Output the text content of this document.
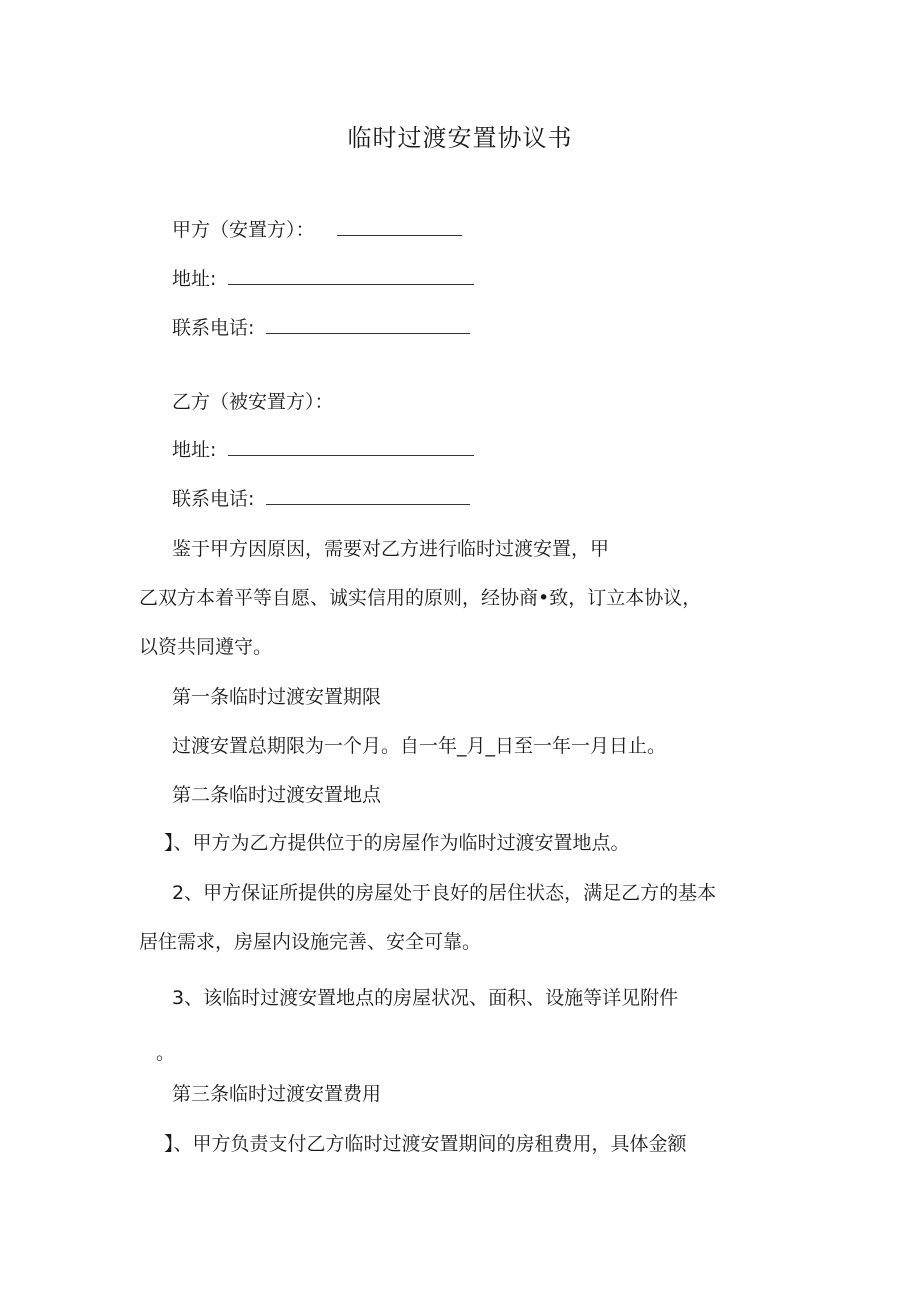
临时过渡安置协议书
甲方（安置方）：
地址:
联系电话:
乙方（被安置方）：
地址:
联系电话:
鉴于甲方因原因，需要对乙方进行临时过渡安置，甲
乙双方本着平等自愿、诚实信用的原则，经协商•致，订立本协议，
以资共同遵守。
第一条临时过渡安置期限
过渡安置总期限为一个月。自一年_月_日至一年一月日止。
第二条临时过渡安置地点
】、甲方为乙方提供位于的房屋作为临时过渡安置地点。
2、甲方保证所提供的房屋处于良好的居住状态，满足乙方的基本
居住需求，房屋内设施完善、安全可靠。
3、该临时过渡安置地点的房屋状况、面积、设施等详见附件
。
第三条临时过渡安置费用
】、甲方负责支付乙方临时过渡安置期间的房租费用，具体金额
